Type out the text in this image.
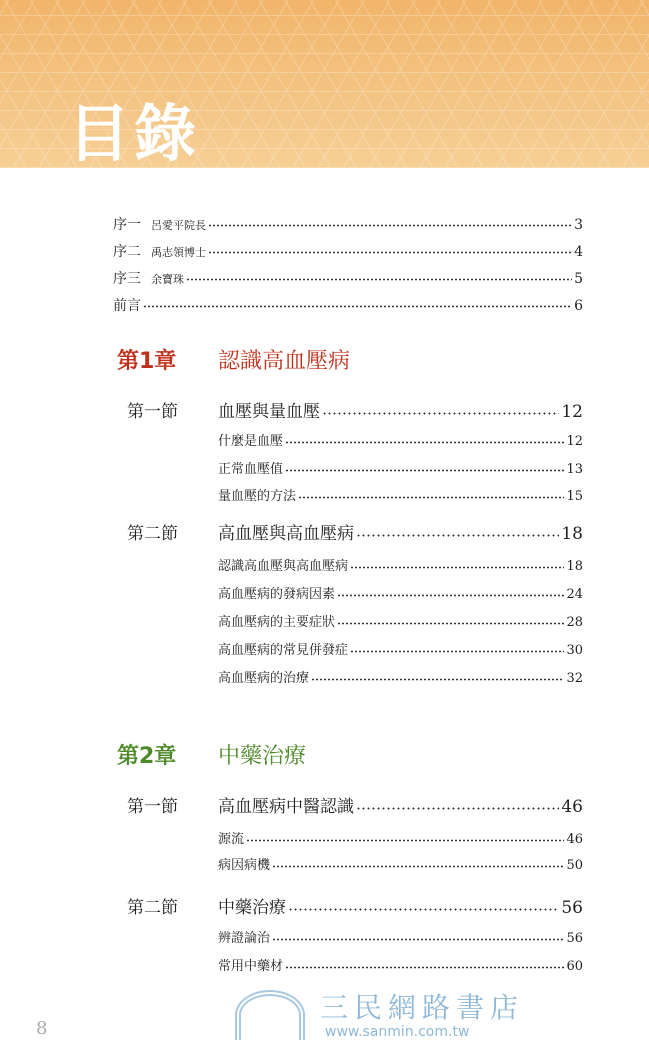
目錄
序一 呂愛平院長	3
序二 禹志領博士	4
序三 余寶珠	5
前言	6
第1章 認識高血壓病
第一節	血壓與量血壓	12
什麼是血壓	12
正常血壓值	13
量血壓的方法	15
第二節	高血壓與高血壓病	18
認識高血壓與高血壓病	18
高血壓病的發病因素	24
高血壓病的主要症狀	28
高血壓病的常見併發症	30
高血壓病的治療	32
第2章 中藥治療
第一節	高血壓病中醫認識	46
源流	46
病因病機	50
第二節	中藥治療	56
辨證論治	56
常用中藥材	60
三民網路書店
www.sanmin.com.tw
8
